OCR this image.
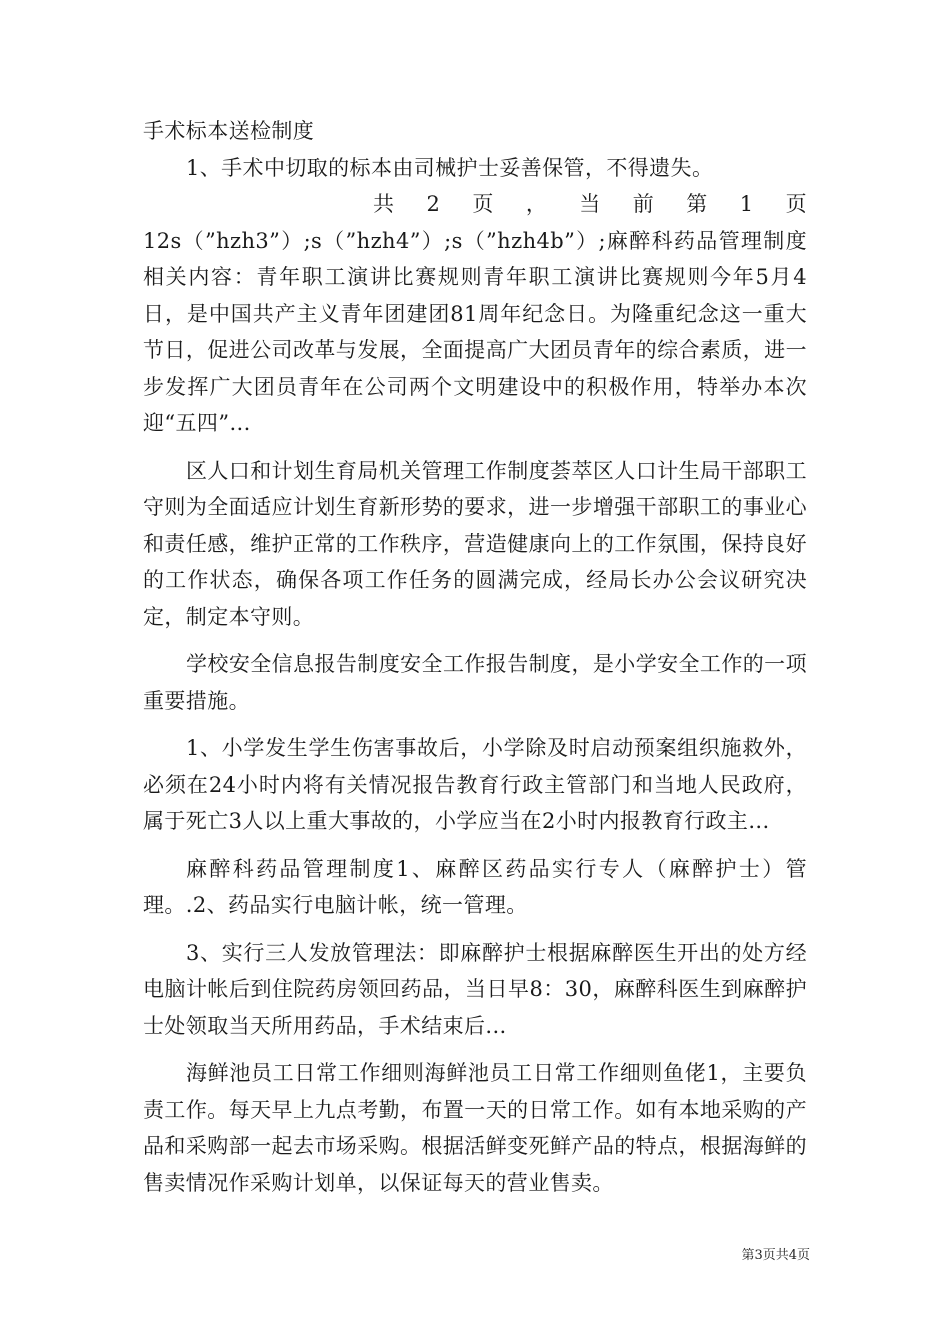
手术标本送检制度

1、手术中切取的标本由司械护士妥善保管，不得遗失。

共 2 页 ， 当 前 第 1 页

12s（”hzh3”）;s（”hzh4”）;s（”hzh4b”）;麻醉科药品管理制度相关内容：青年职工演讲比赛规则青年职工演讲比赛规则今年5月4日，是中国共产主义青年团建团81周年纪念日。为隆重纪念这一重大节日，促进公司改革与发展，全面提高广大团员青年的综合素质，进一步发挥广大团员青年在公司两个文明建设中的积极作用，特举办本次迎“五四”...

区人口和计划生育局机关管理工作制度荟萃区人口计生局干部职工守则为全面适应计划生育新形势的要求，进一步增强干部职工的事业心和责任感，维护正常的工作秩序，营造健康向上的工作氛围，保持良好的工作状态，确保各项工作任务的圆满完成，经局长办公会议研究决定，制定本守则。

学校安全信息报告制度安全工作报告制度，是小学安全工作的一项重要措施。

1、小学发生学生伤害事故后，小学除及时启动预案组织施救外，必须在24小时内将有关情况报告教育行政主管部门和当地人民政府，属于死亡3人以上重大事故的，小学应当在2小时内报教育行政主...

麻醉科药品管理制度1、麻醉区药品实行专人（麻醉护士）管理。.2、药品实行电脑计帐，统一管理。

3、实行三人发放管理法：即麻醉护士根据麻醉医生开出的处方经电脑计帐后到住院药房领回药品，当日早8：30，麻醉科医生到麻醉护士处领取当天所用药品，手术结束后...

海鲜池员工日常工作细则海鲜池员工日常工作细则鱼佬1，主要负责工作。每天早上九点考勤，布置一天的日常工作。如有本地采购的产品和采购部一起去市场采购。根据活鲜变死鲜产品的特点，根据海鲜的售卖情况作采购计划单，以保证每天的营业售卖。

第3页共4页
